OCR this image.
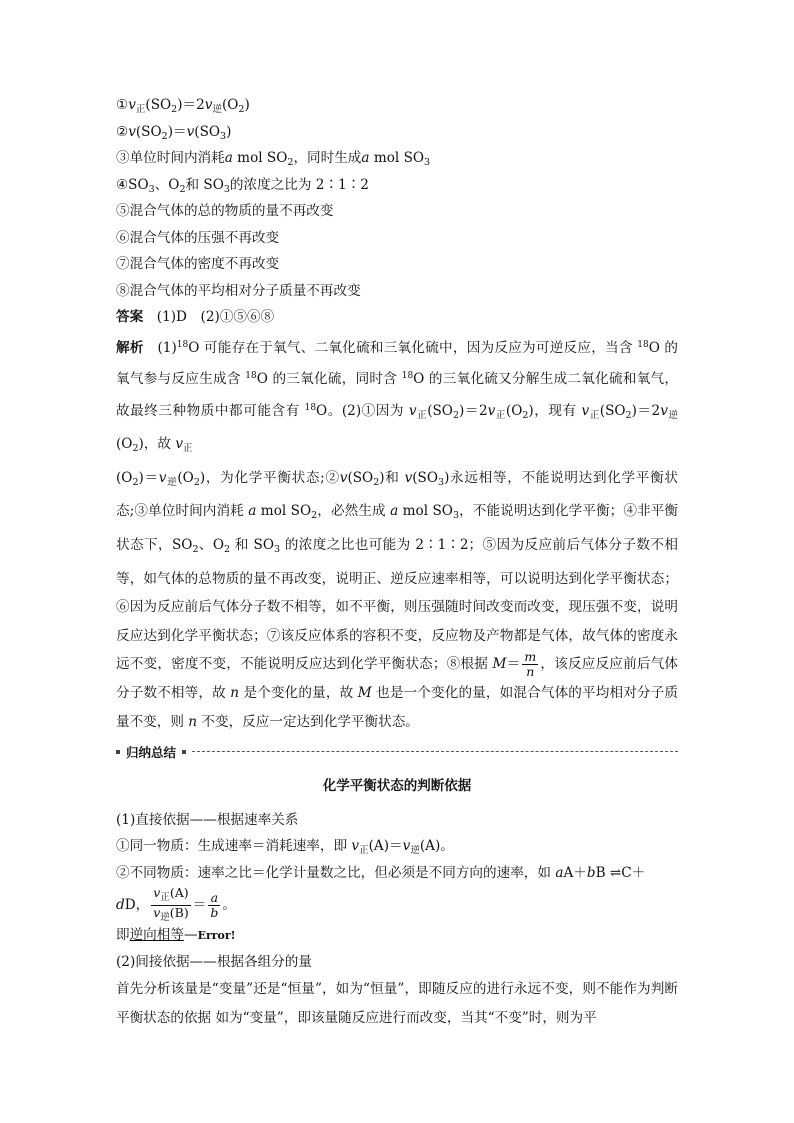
$①v_正(SO_2)=2v_逆(O_2)$
$②v(SO_2)=v(SO_3)$
③单位时间内消耗a mol $SO_2$，同时生成a mol $SO_3$
$④SO_3$、$O_2$和 $SO_3$的浓度之比为 2∶1∶2
⑤混合气体的总的物质的量不再改变
⑥混合气体的压强不再改变
⑦混合气体的密度不再改变
⑧混合气体的平均相对分子质量不再改变
答案　 (1)D　(2)①⑤⑥⑧
解析　$(1)^{18}O$ 可能存在于氧气、二氧化硫和三氧化硫中，因为反应为可逆反应，当含 $^{18}$O 的氧气参与反应生成含 $^{18}$O 的三氧化硫，同时含 $^{18}$O 的三氧化硫又分解生成二氧化硫和氧气，故最终三种物质中都可能含有 $^{18}$O。(2)①因为 $v_正(SO_2)=2v_正(O_2)$，现有 $v_正(SO_2)=2v_逆(O_2)$，故 $v_正$
$(O_2)=v_逆(O_2)$，为化学平衡状态$;②v(SO_2)$和 $v(SO_3)$永远相等，不能说明达到化学平衡状态;③单位时间内消耗 a mol $SO_2$，必然生成 a mol $SO_3$，不能说明达到化学平衡；④非平衡状态下，$SO_2$、$O_2$ 和 $SO_3$ 的浓度之比也可能为 2∶1∶2；⑤因为反应前后气体分子数不相等，如气体的总物质的量不再改变，说明正、逆反应速率相等，可以说明达到化学平衡状态；⑥因为反应前后气体分子数不相等，如不平衡，则压强随时间改变而改变，现压强不变，说明反应达到化学平衡状态；⑦该反应体系的容积不变，反应物及产物都是气体，故气体的密度永远不变，密度不变，不能说明反应达到化学平衡状态；⑧根据 $M= \frac{m}{n}$ ，该反应反应前后气体分子数不相等，故 n 是个变化的量，故 M 也是一个变化的量，如混合气体的平均相对分子质量不变，则 n 不变，反应一定达到化学平衡状态。
归纳总结
化学平衡状态的判断依据
(1)直接依据——根据速率关系
①同一物质：生成速率＝消耗速率，即 $v_正(A)=v_逆(A)$。
②不同物质：速率之比＝化学计量数之比，但必须是不同方向的速率，如 aA＋bB ⇌C＋
dD， $\frac{v_正(A)}{v_逆(B)} = \frac{a}{b}$ 。
即逆向相等—Error!
(2)间接依据——根据各组分的量
首先分析该量是“变量”还是“恒量”，如为“恒量”，即随反应的进行永远不变，则不能作为判断平衡状态的依据 如为“变量”，即该量随反应进行而改变，当其“不变”时，则为平
